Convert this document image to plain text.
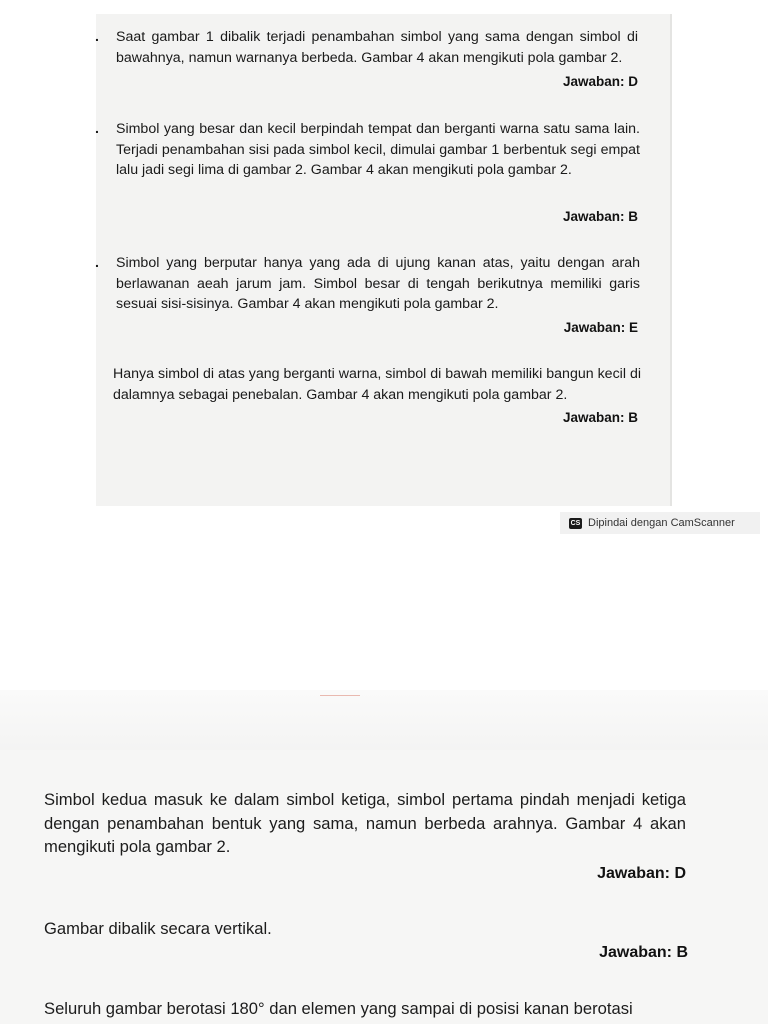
. Saat gambar 1 dibalik terjadi penambahan simbol yang sama dengan simbol di bawahnya, namun warnanya berbeda. Gambar 4 akan mengikuti pola gambar 2.

Jawaban: D
. Simbol yang besar dan kecil berpindah tempat dan berganti warna satu sama lain. Terjadi penambahan sisi pada simbol kecil, dimulai gambar 1 berbentuk segi empat lalu jadi segi lima di gambar 2. Gambar 4 akan mengikuti pola gambar 2.

Jawaban: B
. Simbol yang berputar hanya yang ada di ujung kanan atas, yaitu dengan arah berlawanan aeah jarum jam. Simbol besar di tengah berikutnya memiliki garis sesuai sisi-sisinya. Gambar 4 akan mengikuti pola gambar 2.

Jawaban: E

Hanya simbol di atas yang berganti warna, simbol di bawah memiliki bangun kecil di dalamnya sebagai penebalan. Gambar 4 akan mengikuti pola gambar 2.

Jawaban: B
CS Dipindai dengan CamScanner

Simbol kedua masuk ke dalam simbol ketiga, simbol pertama pindah menjadi ketiga dengan penambahan bentuk yang sama, namun berbeda arahnya. Gambar 4 akan mengikuti pola gambar 2.

Jawaban: D

Gambar dibalik secara vertikal.

Jawaban: B

Seluruh gambar berotasi 180° dan elemen yang sampai di posisi kanan berotasi
